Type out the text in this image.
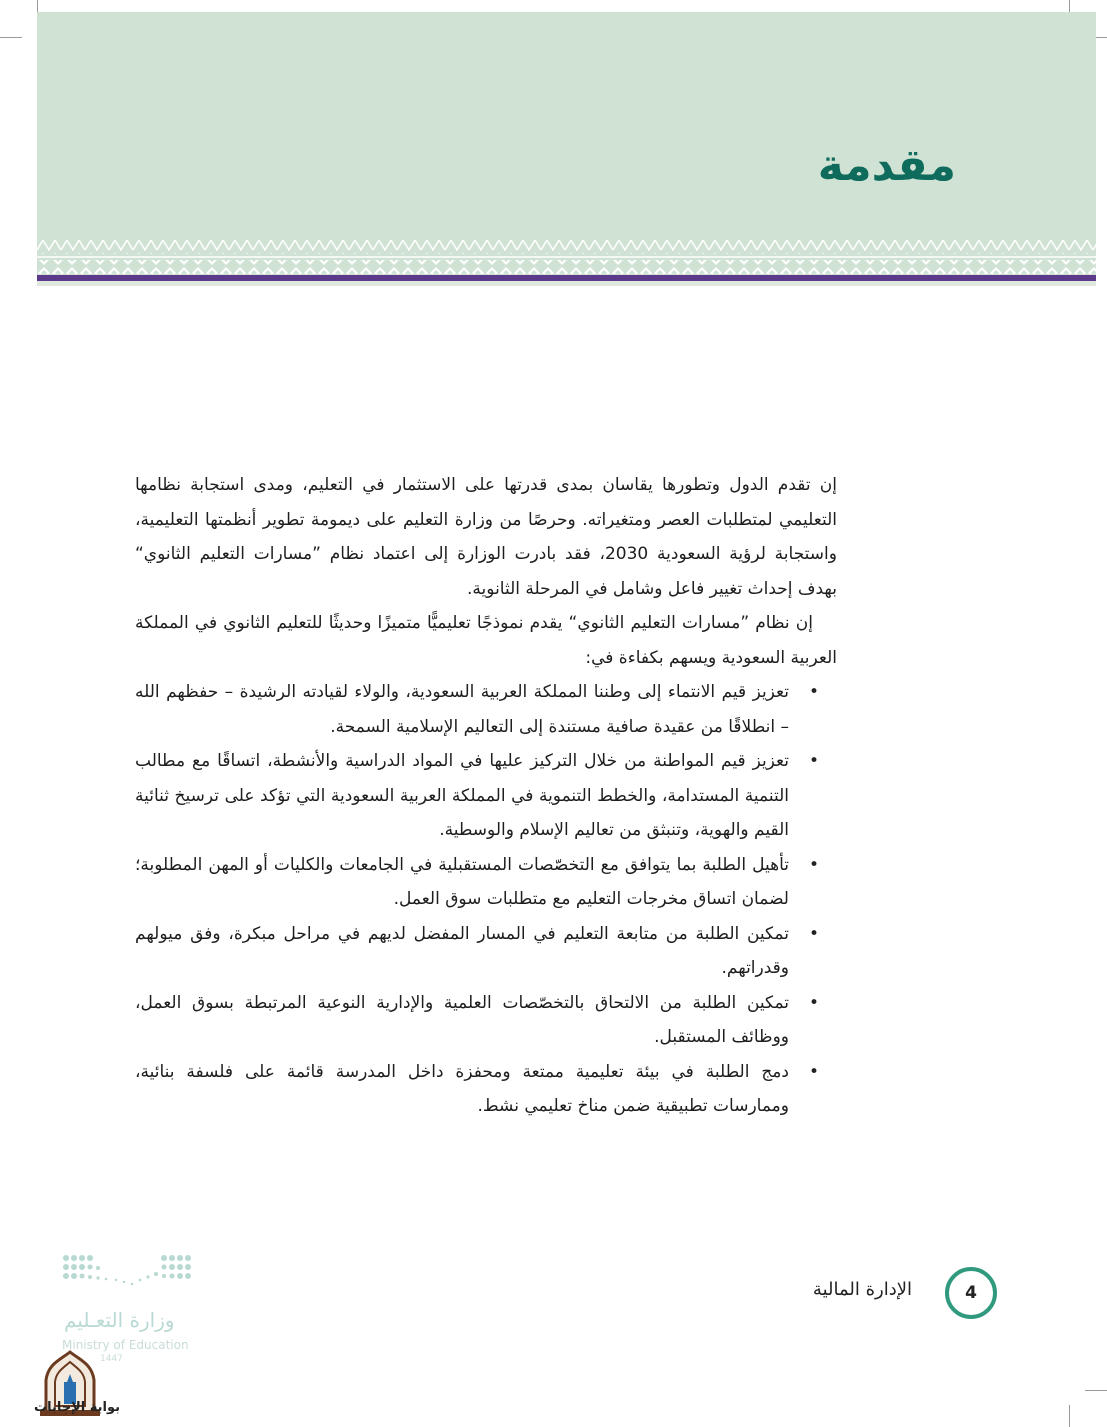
مقدمة

إن تقدم الدول وتطورها يقاسان بمدى قدرتها على الاستثمار في التعليم، ومدى استجابة نظامها التعليمي لمتطلبات العصر ومتغيراته. وحرصًا من وزارة التعليم على ديمومة تطوير أنظمتها التعليمية، واستجابة لرؤية السعودية 2030، فقد بادرت الوزارة إلى اعتماد نظام ”مسارات التعليم الثانوي“ بهدف إحداث تغيير فاعل وشامل في المرحلة الثانوية.

إن نظام ”مسارات التعليم الثانوي“ يقدم نموذجًا تعليميًّا متميزًا وحديثًا للتعليم الثانوي في المملكة العربية السعودية ويسهم بكفاءة في:

• تعزيز قيم الانتماء إلى وطننا المملكة العربية السعودية، والولاء لقيادته الرشيدة – حفظهم الله – انطلاقًا من عقيدة صافية مستندة إلى التعاليم الإسلامية السمحة.
• تعزيز قيم المواطنة من خلال التركيز عليها في المواد الدراسية والأنشطة، اتساقًا مع مطالب التنمية المستدامة، والخطط التنموية في المملكة العربية السعودية التي تؤكد على ترسيخ ثنائية القيم والهوية، وتنبثق من تعاليم الإسلام والوسطية.
• تأهيل الطلبة بما يتوافق مع التخصّصات المستقبلية في الجامعات والكليات أو المهن المطلوبة؛ لضمان اتساق مخرجات التعليم مع متطلبات سوق العمل.
• تمكين الطلبة من متابعة التعليم في المسار المفضل لديهم في مراحل مبكرة، وفق ميولهم وقدراتهم.
• تمكين الطلبة من الالتحاق بالتخصّصات العلمية والإدارية النوعية المرتبطة بسوق العمل، ووظائف المستقبل.
• دمج الطلبة في بيئة تعليمية ممتعة ومحفزة داخل المدرسة قائمة على فلسفة بنائية، وممارسات تطبيقية ضمن مناخ تعليمي نشط.
4
الإدارة المالية
وزارة التعـليم
Ministry of Education
1447
بوابة الإجابات
